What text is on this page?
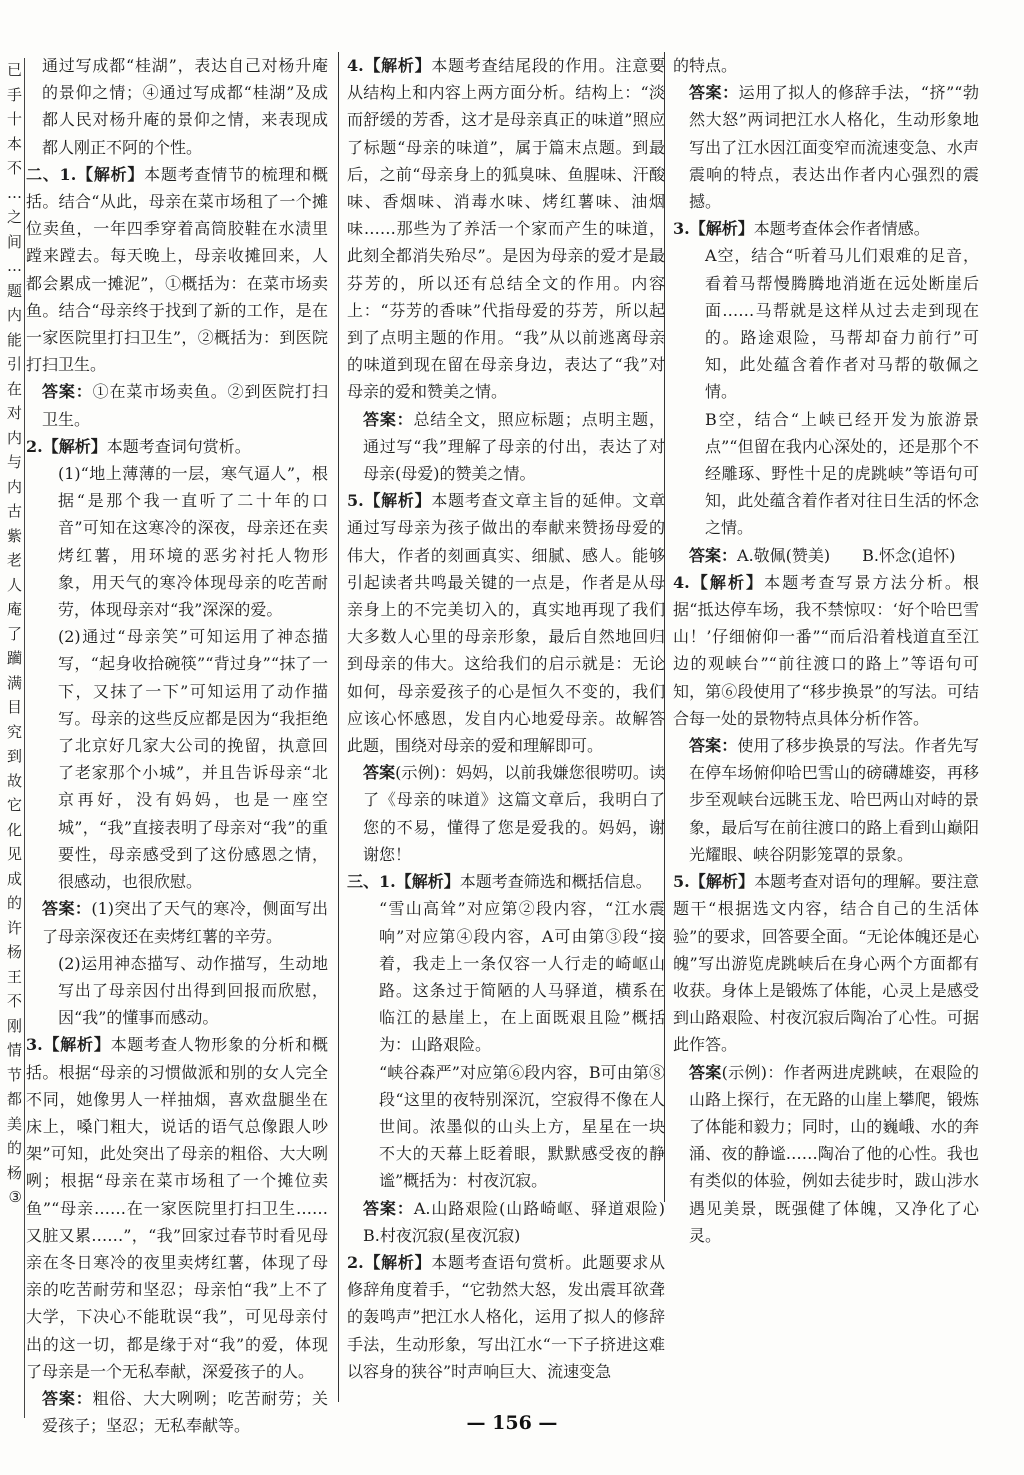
已
手
十
本
不
…
之
间
…
题
内
能
引
在
对
内
与
内
古
紫
老
人
庵
了
躏
满
目
究
到
故
它化
见成
的
许
杨
王不
刚
情节
都美
的杨
③

通过写成都“桂湖”，表达自己对杨升庵的景仰之情；④通过写成都“桂湖”及成都人民对杨升庵的景仰之情，来表现成都人刚正不阿的个性。

二、1.【解析】本题考查情节的梳理和概括。结合“从此，母亲在菜市场租了一个摊位卖鱼，一年四季穿着高筒胶鞋在水渍里蹚来蹚去。每天晚上，母亲收摊回来，人都会累成一摊泥”，①概括为：在菜市场卖鱼。结合“母亲终于找到了新的工作，是在一家医院里打扫卫生”，②概括为：到医院打扫卫生。

答案：①在菜市场卖鱼。②到医院打扫卫生。

2.【解析】本题考查词句赏析。

(1)“地上薄薄的一层，寒气逼人”，根据“是那个我一直听了二十年的口音”可知在这寒冷的深夜，母亲还在卖烤红薯，用环境的恶劣衬托人物形象，用天气的寒冷体现母亲的吃苦耐劳，体现母亲对“我”深深的爱。

(2)通过“母亲笑”可知运用了神态描写，“起身收拾碗筷”“背过身”“抹了一下，又抹了一下”可知运用了动作描写。母亲的这些反应都是因为“我拒绝了北京好几家大公司的挽留，执意回了老家那个小城”，并且告诉母亲“北京再好，没有妈妈，也是一座空城”，“我”直接表明了母亲对“我”的重要性，母亲感受到了这份感恩之情，很感动，也很欣慰。

答案：(1)突出了天气的寒冷，侧面写出了母亲深夜还在卖烤红薯的辛劳。

(2)运用神态描写、动作描写，生动地写出了母亲因付出得到回报而欣慰，因“我”的懂事而感动。

3.【解析】本题考查人物形象的分析和概括。根据“母亲的习惯做派和别的女人完全不同，她像男人一样抽烟，喜欢盘腿坐在床上，嗓门粗大，说话的语气总像跟人吵架”可知，此处突出了母亲的粗俗、大大咧咧；根据“母亲在菜市场租了一个摊位卖鱼”“母亲……在一家医院里打扫卫生……又脏又累……”，“我”回家过春节时看见母亲在冬日寒冷的夜里卖烤红薯，体现了母亲的吃苦耐劳和坚忍；母亲怕“我”上不了大学，下决心不能耽误“我”，可见母亲付出的这一切，都是缘于对“我”的爱，体现了母亲是一个无私奉献，深爱孩子的人。

答案：粗俗、大大咧咧；吃苦耐劳；关爱孩子；坚忍；无私奉献等。

4.【解析】本题考查结尾段的作用。注意要从结构上和内容上两方面分析。结构上：“淡而舒缓的芳香，这才是母亲真正的味道”照应了标题“母亲的味道”，属于篇末点题。到最后，之前“母亲身上的狐臭味、鱼腥味、汗酸味、香烟味、消毒水味、烤红薯味、油烟味……那些为了养活一个家而产生的味道，此刻全都消失殆尽”。是因为母亲的爱才是最芬芳的，所以还有总结全文的作用。内容上：“芬芳的香味”代指母爱的芬芳，所以起到了点明主题的作用。“我”从以前逃离母亲的味道到现在留在母亲身边，表达了“我”对母亲的爱和赞美之情。

答案：总结全文，照应标题；点明主题，通过写“我”理解了母亲的付出，表达了对母亲(母爱)的赞美之情。

5.【解析】本题考查文章主旨的延伸。文章通过写母亲为孩子做出的奉献来赞扬母爱的伟大，作者的刻画真实、细腻、感人。能够引起读者共鸣最关键的一点是，作者是从母亲身上的不完美切入的，真实地再现了我们大多数人心里的母亲形象，最后自然地回归到母亲的伟大。这给我们的启示就是：无论如何，母亲爱孩子的心是恒久不变的，我们应该心怀感恩，发自内心地爱母亲。故解答此题，围绕对母亲的爱和理解即可。

答案(示例)：妈妈，以前我嫌您很唠叨。读了《母亲的味道》这篇文章后，我明白了您的不易，懂得了您是爱我的。妈妈，谢谢您！

三、1.【解析】本题考查筛选和概括信息。

“雪山高耸”对应第②段内容，“江水震响”对应第④段内容，A可由第③段“接着，我走上一条仅容一人行走的崎岖山路。这条过于简陋的人马驿道，横系在临江的悬崖上，在上面既艰且险”概括为：山路艰险。

“峡谷森严”对应第⑥段内容，B可由第⑧段“这里的夜特别深沉，空寂得不像在人世间。浓墨似的山头上方，星星在一块不大的天幕上眨着眼，默默感受夜的静谧”概括为：村夜沉寂。

答案：A.山路艰险(山路崎岖、驿道艰险)　B.村夜沉寂(星夜沉寂)

2.【解析】本题考查语句赏析。此题要求从修辞角度着手，“它勃然大怒，发出震耳欲聋的轰鸣声”把江水人格化，运用了拟人的修辞手法，生动形象，写出江水“一下子挤进这难以容身的狭谷”时声响巨大、流速变急

的特点。

答案：运用了拟人的修辞手法，“挤”“勃然大怒”两词把江水人格化，生动形象地写出了江水因江面变窄而流速变急、水声震响的特点，表达出作者内心强烈的震撼。

3.【解析】本题考查体会作者情感。

A空，结合“听着马儿们艰难的足音，看着马帮慢腾腾地消逝在远处断崖后面……马帮就是这样从过去走到现在的。路途艰险，马帮却奋力前行”可知，此处蕴含着作者对马帮的敬佩之情。

B空，结合“上峡已经开发为旅游景点”“但留在我内心深处的，还是那个不经雕琢、野性十足的虎跳峡”等语句可知，此处蕴含着作者对往日生活的怀念之情。

答案：A.敬佩(赞美)　　B.怀念(追怀)

4.【解析】本题考查写景方法分析。根据“抵达停车场，我不禁惊叹：‘好个哈巴雪山！’仔细俯仰一番”“而后沿着栈道直至江边的观峡台”“前往渡口的路上”等语句可知，第⑥段使用了“移步换景”的写法。可结合每一处的景物特点具体分析作答。

答案：使用了移步换景的写法。作者先写在停车场俯仰哈巴雪山的磅礴雄姿，再移步至观峡台远眺玉龙、哈巴两山对峙的景象，最后写在前往渡口的路上看到山巅阳光耀眼、峡谷阴影笼罩的景象。

5.【解析】本题考查对语句的理解。要注意题干“根据选文内容，结合自己的生活体验”的要求，回答要全面。“无论体魄还是心魄”写出游览虎跳峡后在身心两个方面都有收获。身体上是锻炼了体能，心灵上是感受到山路艰险、村夜沉寂后陶冶了心性。可据此作答。

答案(示例)：作者两进虎跳峡，在艰险的山路上探行，在无路的山崖上攀爬，锻炼了体能和毅力；同时，山的巍峨、水的奔涌、夜的静谧……陶冶了他的心性。我也有类似的体验，例如去徒步时，跋山涉水遇见美景，既强健了体魄，又净化了心灵。

— 156 —
